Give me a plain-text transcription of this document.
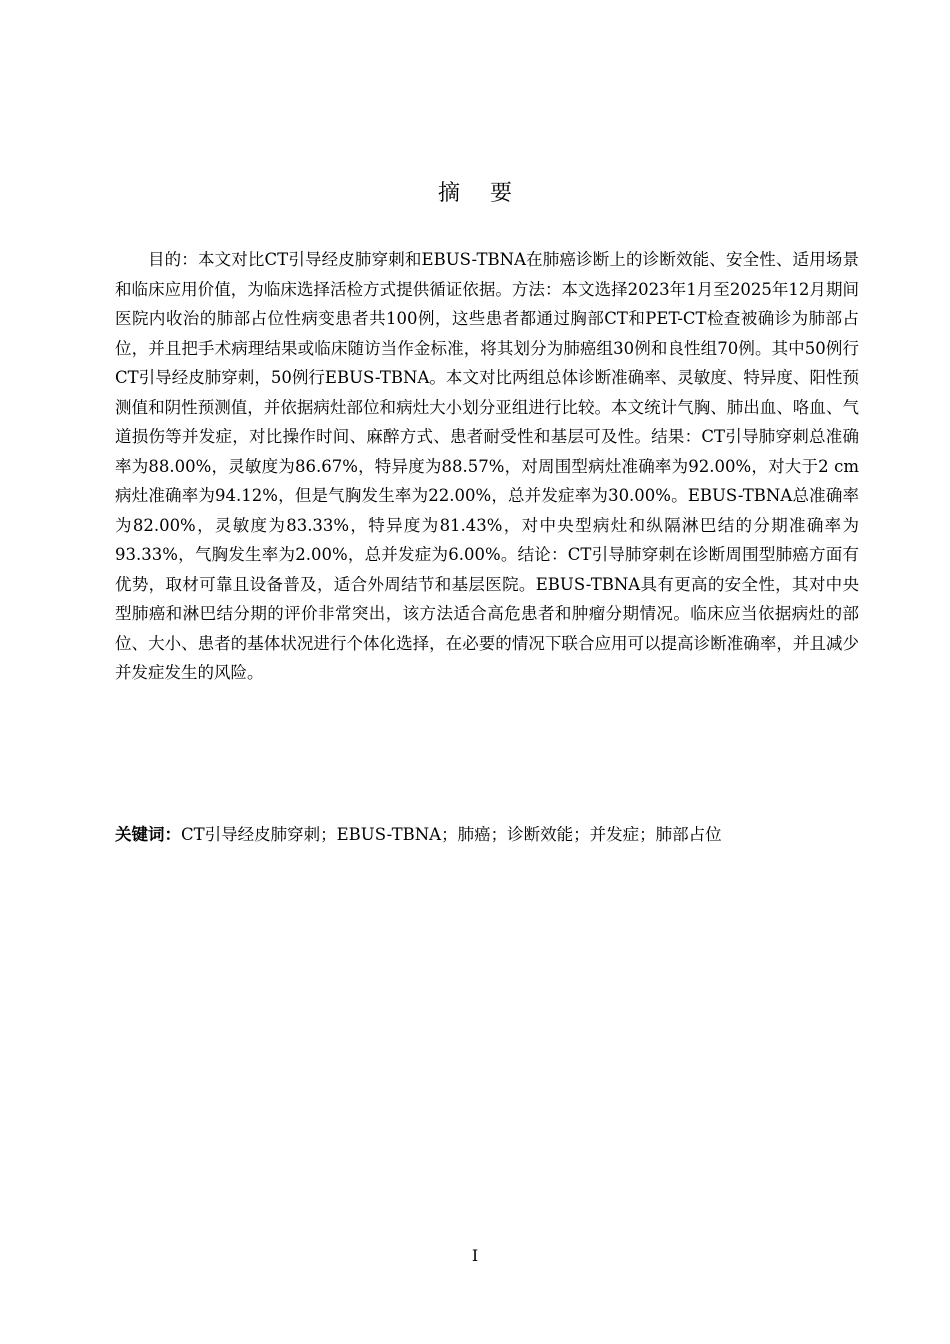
摘要
目的：本文对比CT引导经皮肺穿刺和EBUS-TBNA在肺癌诊断上的诊断效能、安全性、适用场景和临床应用价值，为临床选择活检方式提供循证依据。方法：本文选择2023年1月至2025年12月期间医院内收治的肺部占位性病变患者共100例，这些患者都通过胸部CT和PET-CT检查被确诊为肺部占位，并且把手术病理结果或临床随访当作金标准，将其划分为肺癌组30例和良性组70例。其中50例行CT引导经皮肺穿刺，50例行EBUS-TBNA。本文对比两组总体诊断准确率、灵敏度、特异度、阳性预测值和阴性预测值，并依据病灶部位和病灶大小划分亚组进行比较。本文统计气胸、肺出血、咯血、气道损伤等并发症，对比操作时间、麻醉方式、患者耐受性和基层可及性。结果：CT引导肺穿刺总准确率为88.00%，灵敏度为86.67%，特异度为88.57%，对周围型病灶准确率为92.00%，对大于2 cm病灶准确率为94.12%，但是气胸发生率为22.00%，总并发症率为30.00%。EBUS-TBNA总准确率为82.00%，灵敏度为83.33%，特异度为81.43%，对中央型病灶和纵隔淋巴结的分期准确率为93.33%，气胸发生率为2.00%，总并发症为6.00%。结论：CT引导肺穿刺在诊断周围型肺癌方面有优势，取材可靠且设备普及，适合外周结节和基层医院。EBUS-TBNA具有更高的安全性，其对中央型肺癌和淋巴结分期的评价非常突出，该方法适合高危患者和肿瘤分期情况。临床应当依据病灶的部位、大小、患者的基体状况进行个体化选择，在必要的情况下联合应用可以提高诊断准确率，并且减少并发症发生的风险。
关键词：CT引导经皮肺穿刺；EBUS-TBNA；肺癌；诊断效能；并发症；肺部占位
I
